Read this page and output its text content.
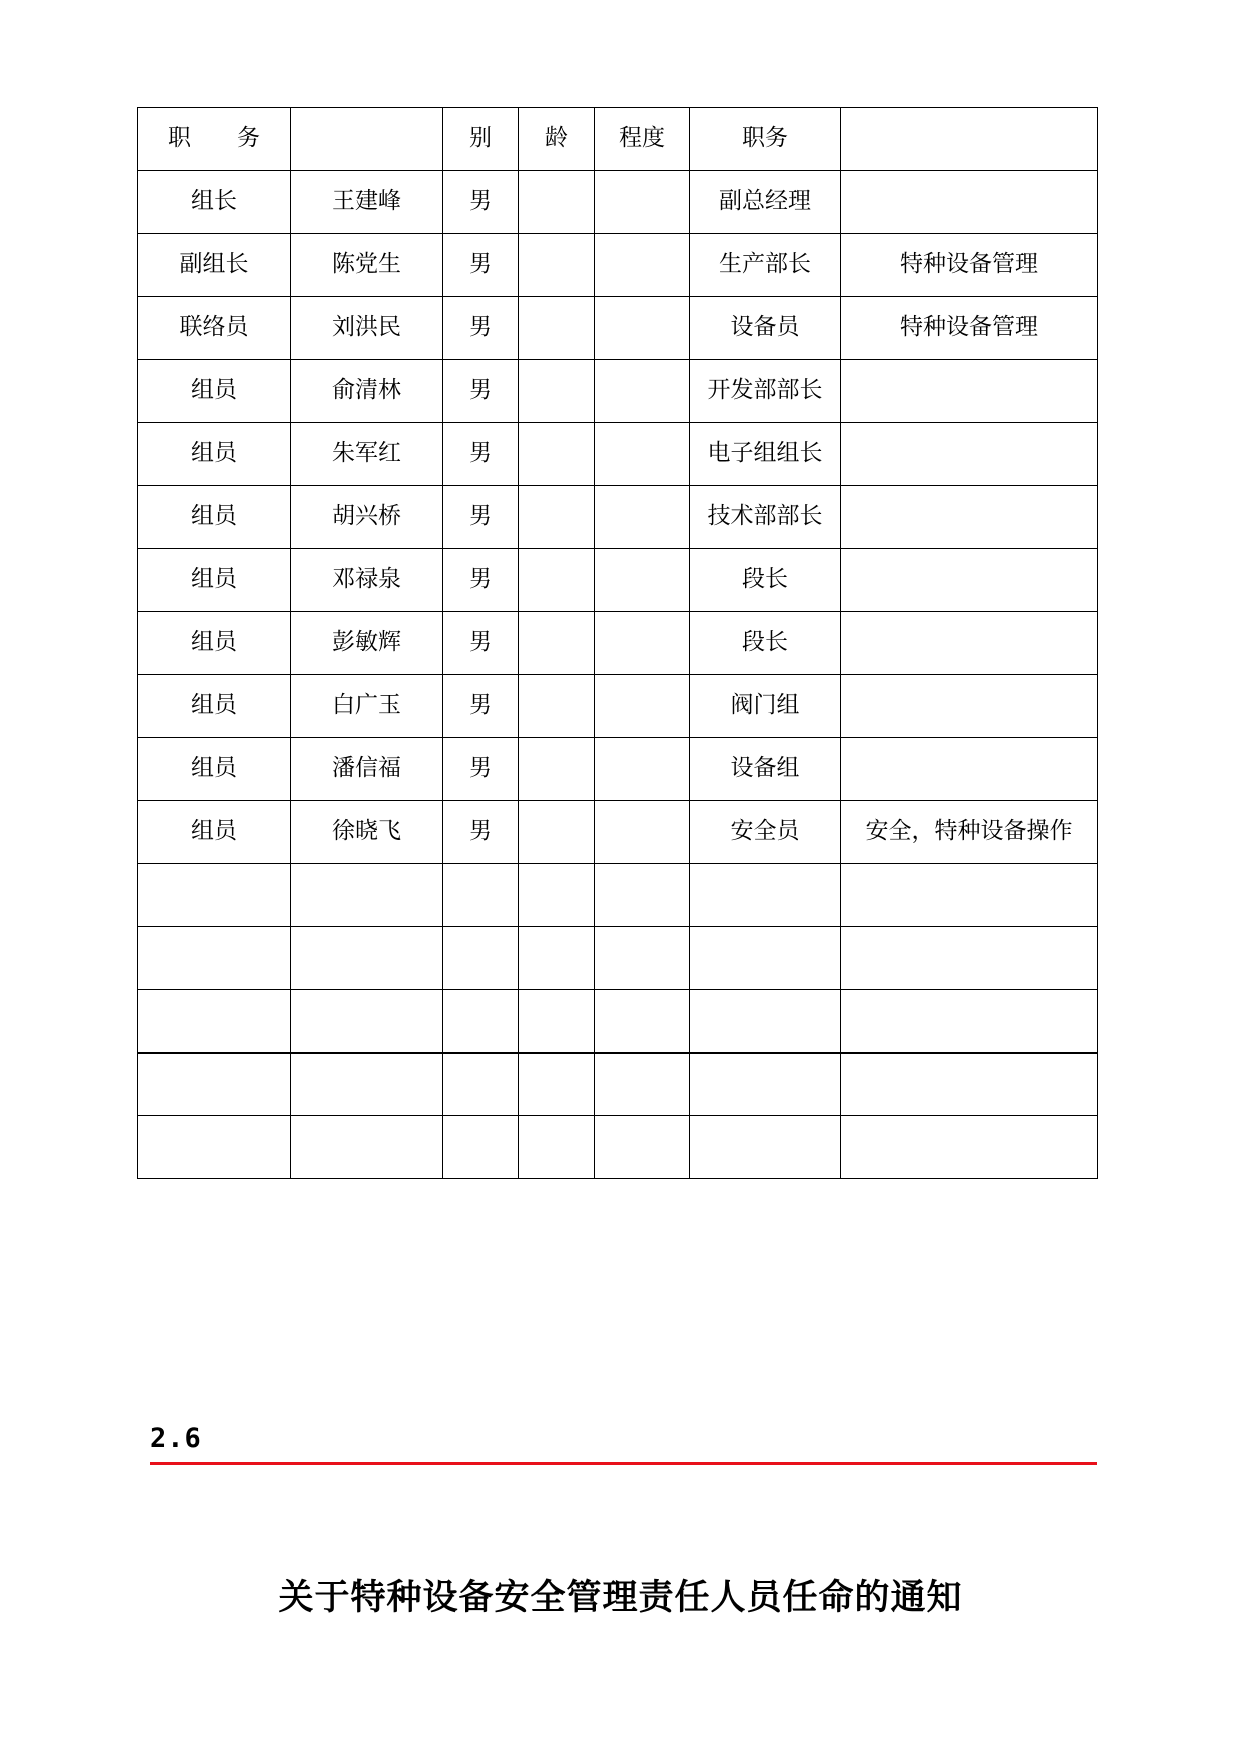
职　　务		别	龄	程度	职务	
组长	王建峰	男			副总经理	
副组长	陈党生	男			生产部长	特种设备管理
联络员	刘洪民	男			设备员	特种设备管理
组员	俞清林	男			开发部部长	
组员	朱军红	男			电子组组长	
组员	胡兴桥	男			技术部部长	
组员	邓禄泉	男			段长	
组员	彭敏辉	男			段长	
组员	白广玉	男			阀门组	
组员	潘信福	男			设备组	
组员	徐晓飞	男			安全员	安全，特种设备操作

2.6
关于特种设备安全管理责任人员任命的通知
